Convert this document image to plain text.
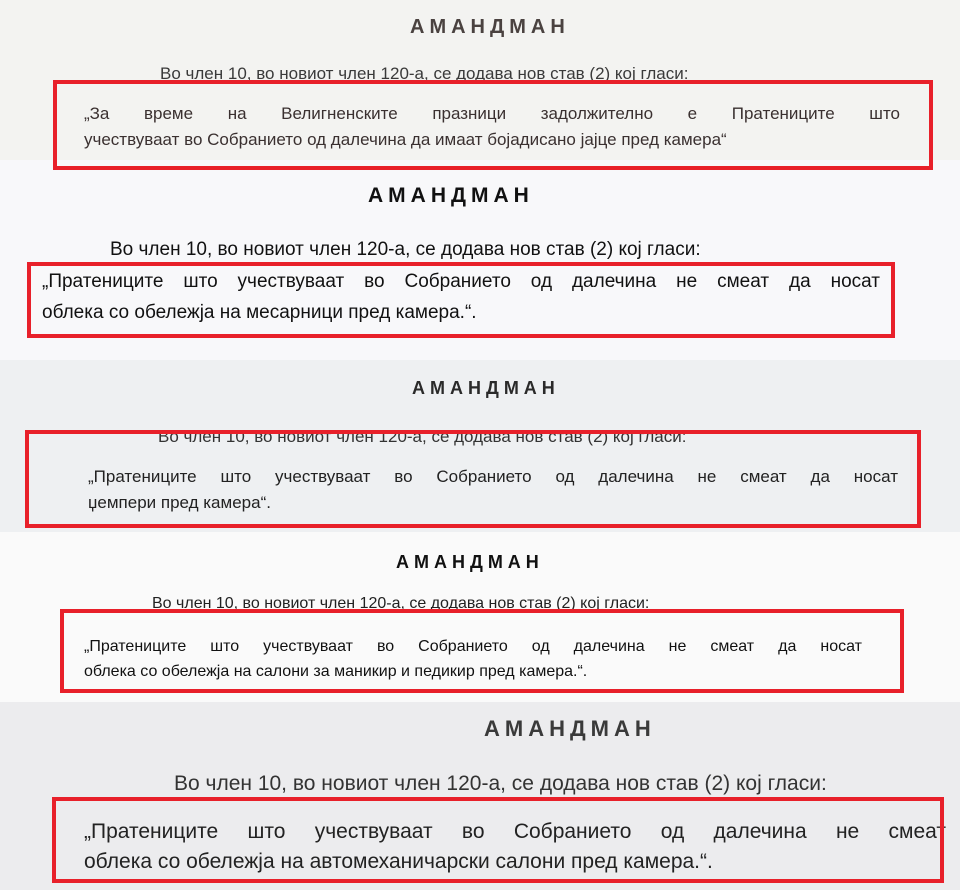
АМАНДМАН
Во член 10, во новиот член 120-а, се додава нов став (2) кој гласи:
„За време на Велигненските празници задолжително е Пратениците што
учествуваат во Собранието од далечина да имаат бојадисано јајце пред камера“
АМАНДМАН
Во член 10, во новиот член 120-а, се додава нов став (2) кој гласи:
„Пратениците што учествуваат во Собранието од далечина не смеат да носат
облека со обележја на месарници пред камера.“.
АМАНДМАН
Во член 10, во новиот член 120-а, се додава нов став (2) кој гласи:
„Пратениците што учествуваат во Собранието од далечина не смеат да носат
џемпери пред камера“.
АМАНДМАН
Во член 10, во новиот член 120-а, се додава нов став (2) кој гласи:
„Пратениците што учествуваат во Собранието од далечина не смеат да носат
облека со обележја на салони за маникир и педикир пред камера.“.
АМАНДМАН
Во член 10, во новиот член 120-а, се додава нов став (2) кој гласи:
„Пратениците што учествуваат во Собранието од далечина не смеат
облека со обележја на автомеханичарски салони пред камера.“.
